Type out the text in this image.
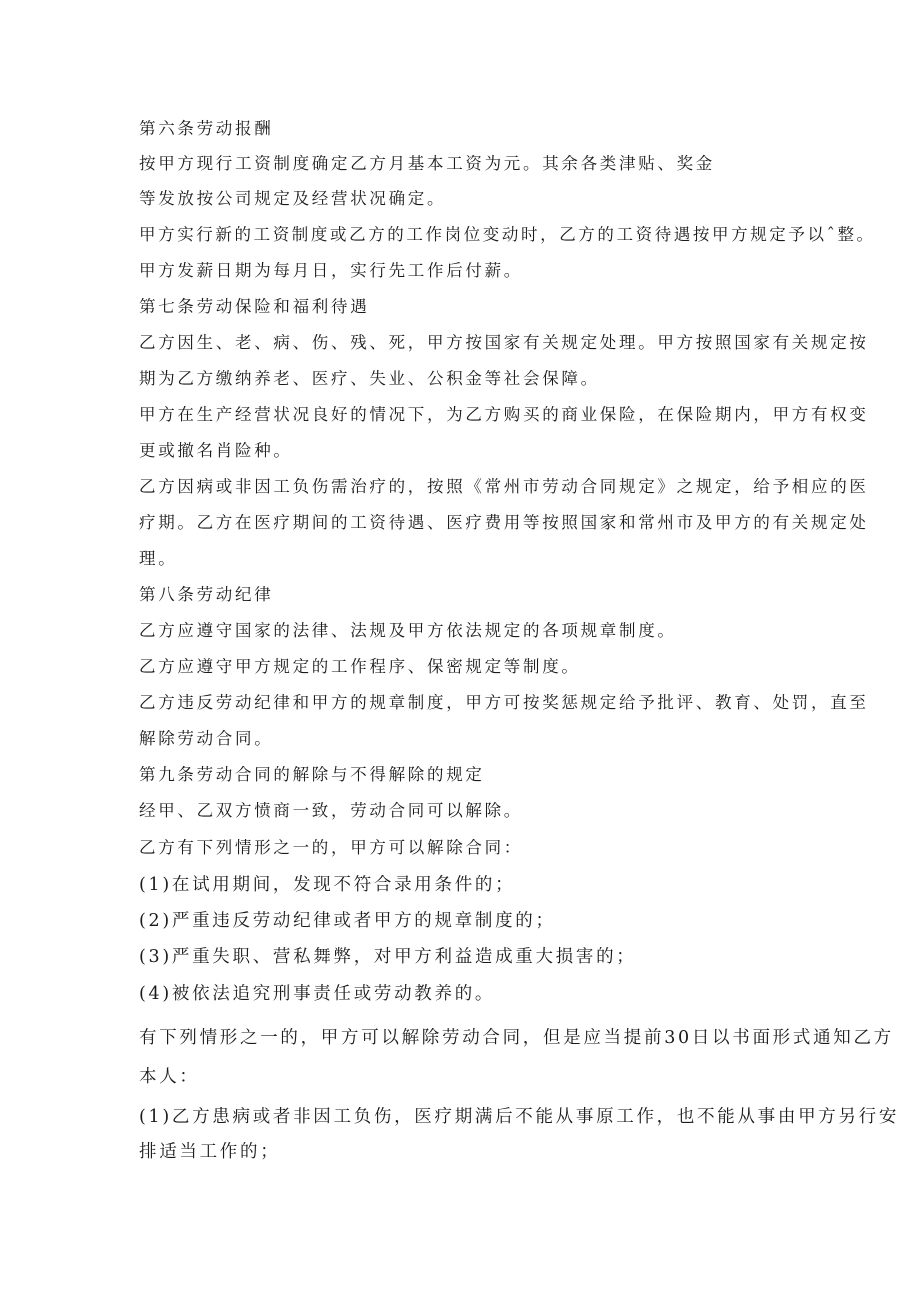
第六条劳动报酬

按甲方现行工资制度确定乙方月基本工资为元。其余各类津贴、奖金

等发放按公司规定及经营状况确定。

甲方实行新的工资制度或乙方的工作岗位变动时，乙方的工资待遇按甲方规定予以ˆ整。

甲方发薪日期为每月日，实行先工作后付薪。

第七条劳动保险和福利待遇

乙方因生、老、病、伤、残、死，甲方按国家有关规定处理。甲方按照国家有关规定按

期为乙方缴纳养老、医疗、失业、公积金等社会保障。

甲方在生产经营状况良好的情况下，为乙方购买的商业保险，在保险期内，甲方有权变

更或撤名肖险种。

乙方因病或非因工负伤需治疗的，按照《常州市劳动合同规定》之规定，给予相应的医

疗期。乙方在医疗期间的工资待遇、医疗费用等按照国家和常州市及甲方的有关规定处

理。

第八条劳动纪律

乙方应遵守国家的法律、法规及甲方依法规定的各项规章制度。

乙方应遵守甲方规定的工作程序、保密规定等制度。

乙方违反劳动纪律和甲方的规章制度，甲方可按奖惩规定给予批评、教育、处罚，直至

解除劳动合同。

第九条劳动合同的解除与不得解除的规定

经甲、乙双方愤商一致，劳动合同可以解除。

乙方有下列情形之一的，甲方可以解除合同：

(1)在试用期间，发现不符合录用条件的；

(2)严重违反劳动纪律或者甲方的规章制度的；

(3)严重失职、营私舞弊，对甲方利益造成重大损害的；

(4)被依法追究刑事责任或劳动教养的。

有下列情形之一的，甲方可以解除劳动合同，但是应当提前30日以书面形式通知乙方

本人：

(1)乙方患病或者非因工负伤，医疗期满后不能从事原工作，也不能从事由甲方另行安

排适当工作的；
